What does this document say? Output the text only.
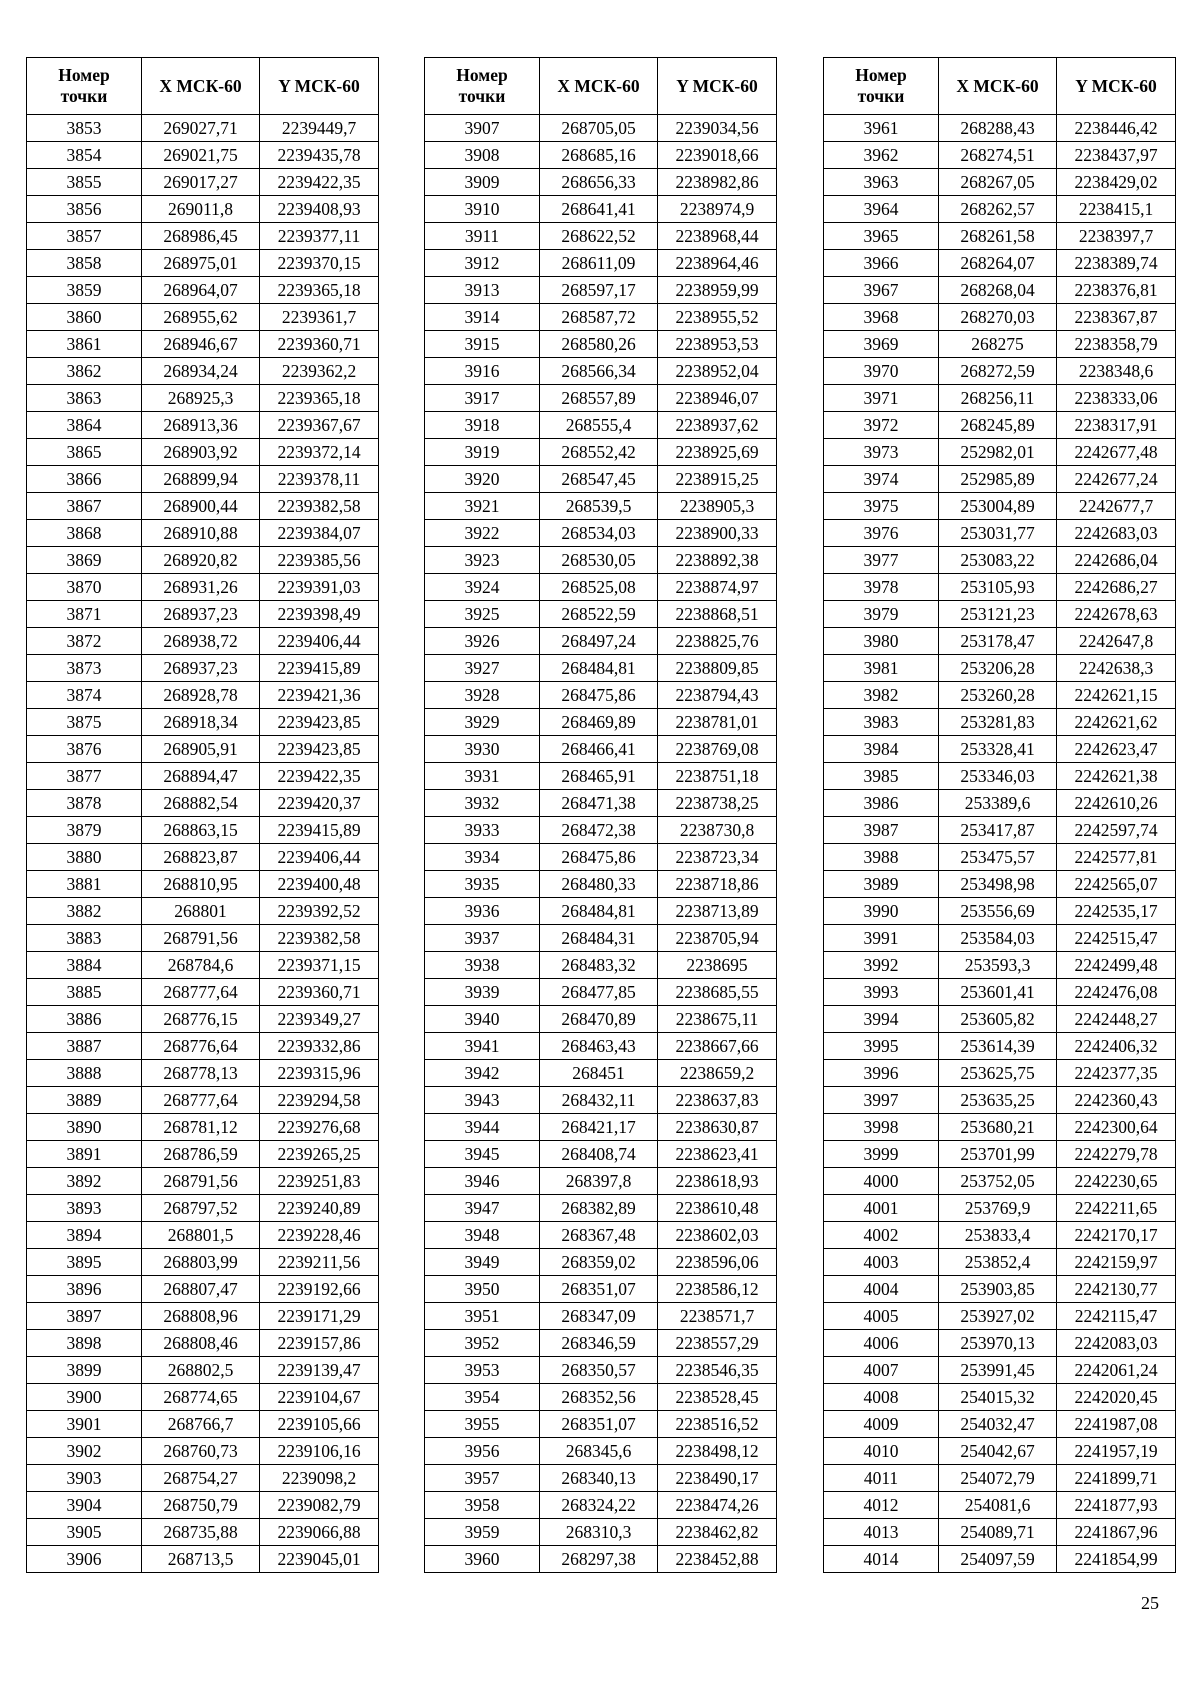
Номер
точки	X МСК-60	Y МСК-60
3853	269027,71	2239449,7
3854	269021,75	2239435,78
3855	269017,27	2239422,35
3856	269011,8	2239408,93
3857	268986,45	2239377,11
3858	268975,01	2239370,15
3859	268964,07	2239365,18
3860	268955,62	2239361,7
3861	268946,67	2239360,71
3862	268934,24	2239362,2
3863	268925,3	2239365,18
3864	268913,36	2239367,67
3865	268903,92	2239372,14
3866	268899,94	2239378,11
3867	268900,44	2239382,58
3868	268910,88	2239384,07
3869	268920,82	2239385,56
3870	268931,26	2239391,03
3871	268937,23	2239398,49
3872	268938,72	2239406,44
3873	268937,23	2239415,89
3874	268928,78	2239421,36
3875	268918,34	2239423,85
3876	268905,91	2239423,85
3877	268894,47	2239422,35
3878	268882,54	2239420,37
3879	268863,15	2239415,89
3880	268823,87	2239406,44
3881	268810,95	2239400,48
3882	268801	2239392,52
3883	268791,56	2239382,58
3884	268784,6	2239371,15
3885	268777,64	2239360,71
3886	268776,15	2239349,27
3887	268776,64	2239332,86
3888	268778,13	2239315,96
3889	268777,64	2239294,58
3890	268781,12	2239276,68
3891	268786,59	2239265,25
3892	268791,56	2239251,83
3893	268797,52	2239240,89
3894	268801,5	2239228,46
3895	268803,99	2239211,56
3896	268807,47	2239192,66
3897	268808,96	2239171,29
3898	268808,46	2239157,86
3899	268802,5	2239139,47
3900	268774,65	2239104,67
3901	268766,7	2239105,66
3902	268760,73	2239106,16
3903	268754,27	2239098,2
3904	268750,79	2239082,79
3905	268735,88	2239066,88
3906	268713,5	2239045,01
Номер
точки	X МСК-60	Y МСК-60
3907	268705,05	2239034,56
3908	268685,16	2239018,66
3909	268656,33	2238982,86
3910	268641,41	2238974,9
3911	268622,52	2238968,44
3912	268611,09	2238964,46
3913	268597,17	2238959,99
3914	268587,72	2238955,52
3915	268580,26	2238953,53
3916	268566,34	2238952,04
3917	268557,89	2238946,07
3918	268555,4	2238937,62
3919	268552,42	2238925,69
3920	268547,45	2238915,25
3921	268539,5	2238905,3
3922	268534,03	2238900,33
3923	268530,05	2238892,38
3924	268525,08	2238874,97
3925	268522,59	2238868,51
3926	268497,24	2238825,76
3927	268484,81	2238809,85
3928	268475,86	2238794,43
3929	268469,89	2238781,01
3930	268466,41	2238769,08
3931	268465,91	2238751,18
3932	268471,38	2238738,25
3933	268472,38	2238730,8
3934	268475,86	2238723,34
3935	268480,33	2238718,86
3936	268484,81	2238713,89
3937	268484,31	2238705,94
3938	268483,32	2238695
3939	268477,85	2238685,55
3940	268470,89	2238675,11
3941	268463,43	2238667,66
3942	268451	2238659,2
3943	268432,11	2238637,83
3944	268421,17	2238630,87
3945	268408,74	2238623,41
3946	268397,8	2238618,93
3947	268382,89	2238610,48
3948	268367,48	2238602,03
3949	268359,02	2238596,06
3950	268351,07	2238586,12
3951	268347,09	2238571,7
3952	268346,59	2238557,29
3953	268350,57	2238546,35
3954	268352,56	2238528,45
3955	268351,07	2238516,52
3956	268345,6	2238498,12
3957	268340,13	2238490,17
3958	268324,22	2238474,26
3959	268310,3	2238462,82
3960	268297,38	2238452,88
Номер
точки	X МСК-60	Y МСК-60
3961	268288,43	2238446,42
3962	268274,51	2238437,97
3963	268267,05	2238429,02
3964	268262,57	2238415,1
3965	268261,58	2238397,7
3966	268264,07	2238389,74
3967	268268,04	2238376,81
3968	268270,03	2238367,87
3969	268275	2238358,79
3970	268272,59	2238348,6
3971	268256,11	2238333,06
3972	268245,89	2238317,91
3973	252982,01	2242677,48
3974	252985,89	2242677,24
3975	253004,89	2242677,7
3976	253031,77	2242683,03
3977	253083,22	2242686,04
3978	253105,93	2242686,27
3979	253121,23	2242678,63
3980	253178,47	2242647,8
3981	253206,28	2242638,3
3982	253260,28	2242621,15
3983	253281,83	2242621,62
3984	253328,41	2242623,47
3985	253346,03	2242621,38
3986	253389,6	2242610,26
3987	253417,87	2242597,74
3988	253475,57	2242577,81
3989	253498,98	2242565,07
3990	253556,69	2242535,17
3991	253584,03	2242515,47
3992	253593,3	2242499,48
3993	253601,41	2242476,08
3994	253605,82	2242448,27
3995	253614,39	2242406,32
3996	253625,75	2242377,35
3997	253635,25	2242360,43
3998	253680,21	2242300,64
3999	253701,99	2242279,78
4000	253752,05	2242230,65
4001	253769,9	2242211,65
4002	253833,4	2242170,17
4003	253852,4	2242159,97
4004	253903,85	2242130,77
4005	253927,02	2242115,47
4006	253970,13	2242083,03
4007	253991,45	2242061,24
4008	254015,32	2242020,45
4009	254032,47	2241987,08
4010	254042,67	2241957,19
4011	254072,79	2241899,71
4012	254081,6	2241877,93
4013	254089,71	2241867,96
4014	254097,59	2241854,99
25
